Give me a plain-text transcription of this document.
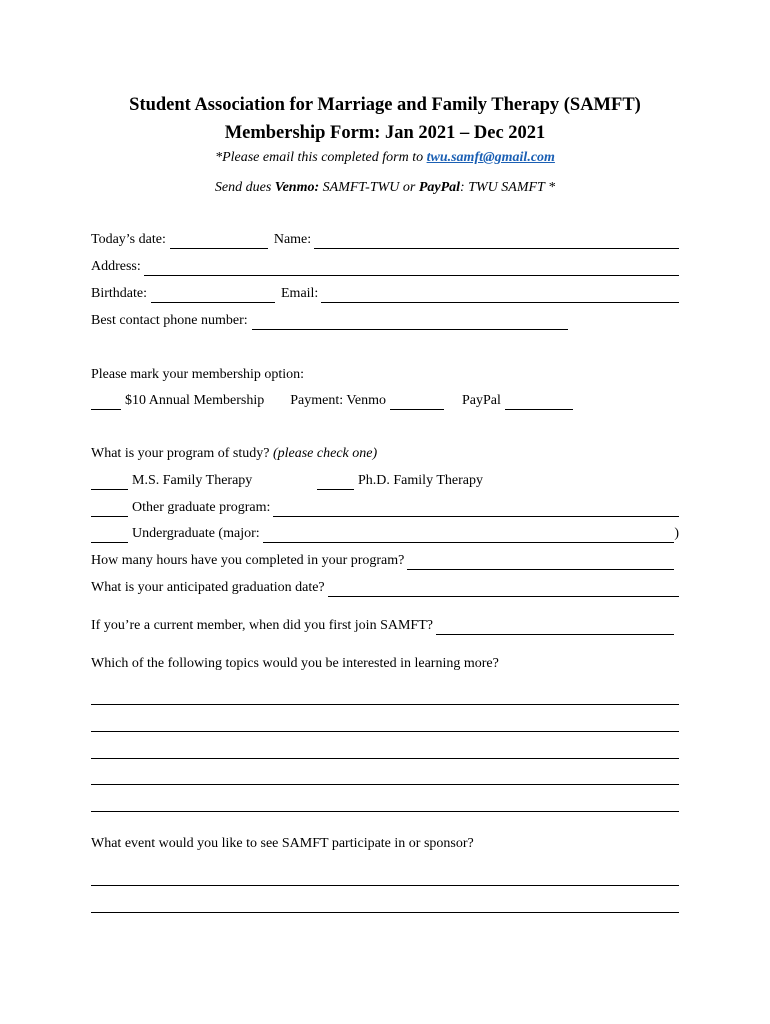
Student Association for Marriage and Family Therapy (SAMFT)
Membership Form: Jan 2021 – Dec 2021
*Please email this completed form to twu.samft@gmail.com
Send dues Venmo: SAMFT-TWU or PayPal: TWU SAMFT *
Today’s date:	Name:
Address:
Birthdate:	Email:
Best contact phone number:
Please mark your membership option:
$10 Annual Membership Payment: Venmo	PayPal
What is your program of study? (please check one)
M.S. Family Therapy	Ph.D. Family Therapy
Other graduate program:
Undergraduate (major:	)
How many hours have you completed in your program?
What is your anticipated graduation date?
If you’re a current member, when did you first join SAMFT?
Which of the following topics would you be interested in learning more?
What event would you like to see SAMFT participate in or sponsor?
